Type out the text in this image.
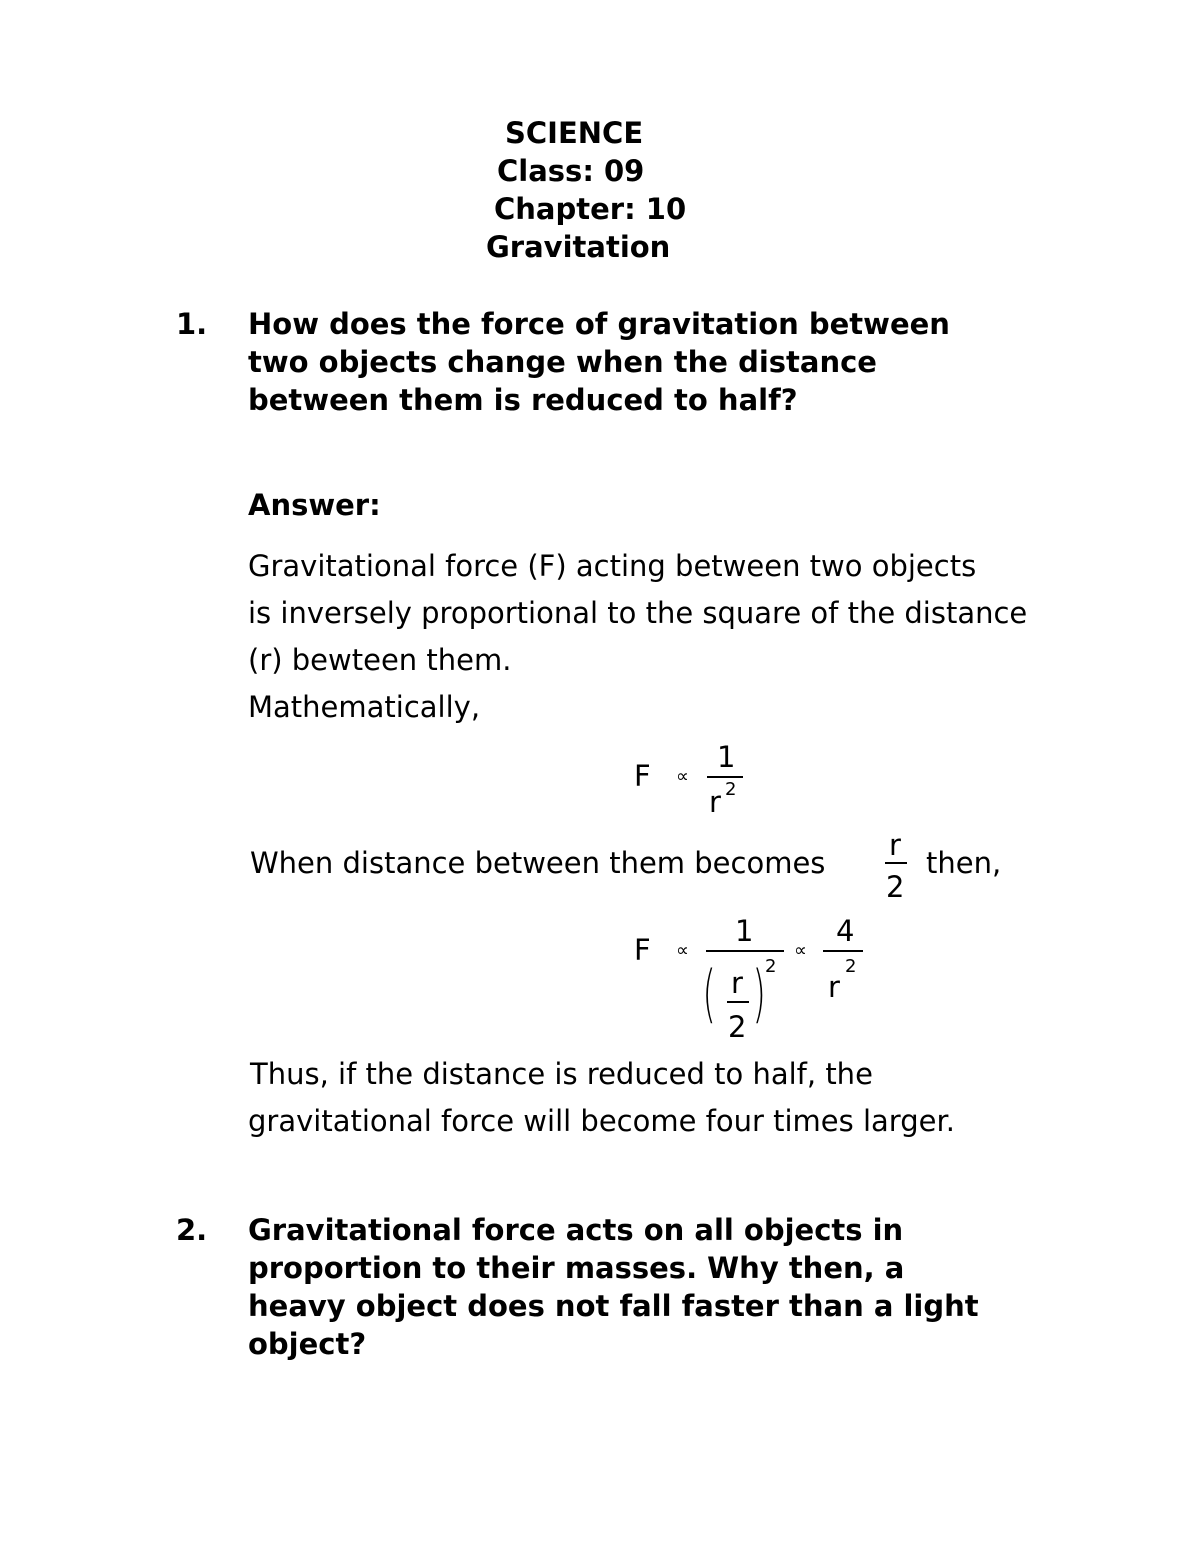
SCIENCE
Class: 09
Chapter: 10
Gravitation
1. How does the force of gravitation between
two objects change when the distance
between them is reduced to half?
Answer:
Gravitational force (F) acting between two objects
is inversely proportional to the square of the distance
(r) bewteen them.
Mathematically,
F ∝
1
r 2
When distance between them becomes
r
2
then,
F ∝
1
( r
2 ) 2
∝
4
r
2
Thus, if the distance is reduced to half, the
gravitational force will become four times larger.
2. Gravitational force acts on all objects in
proportion to their masses. Why then, a
heavy object does not fall faster than a light
object?
